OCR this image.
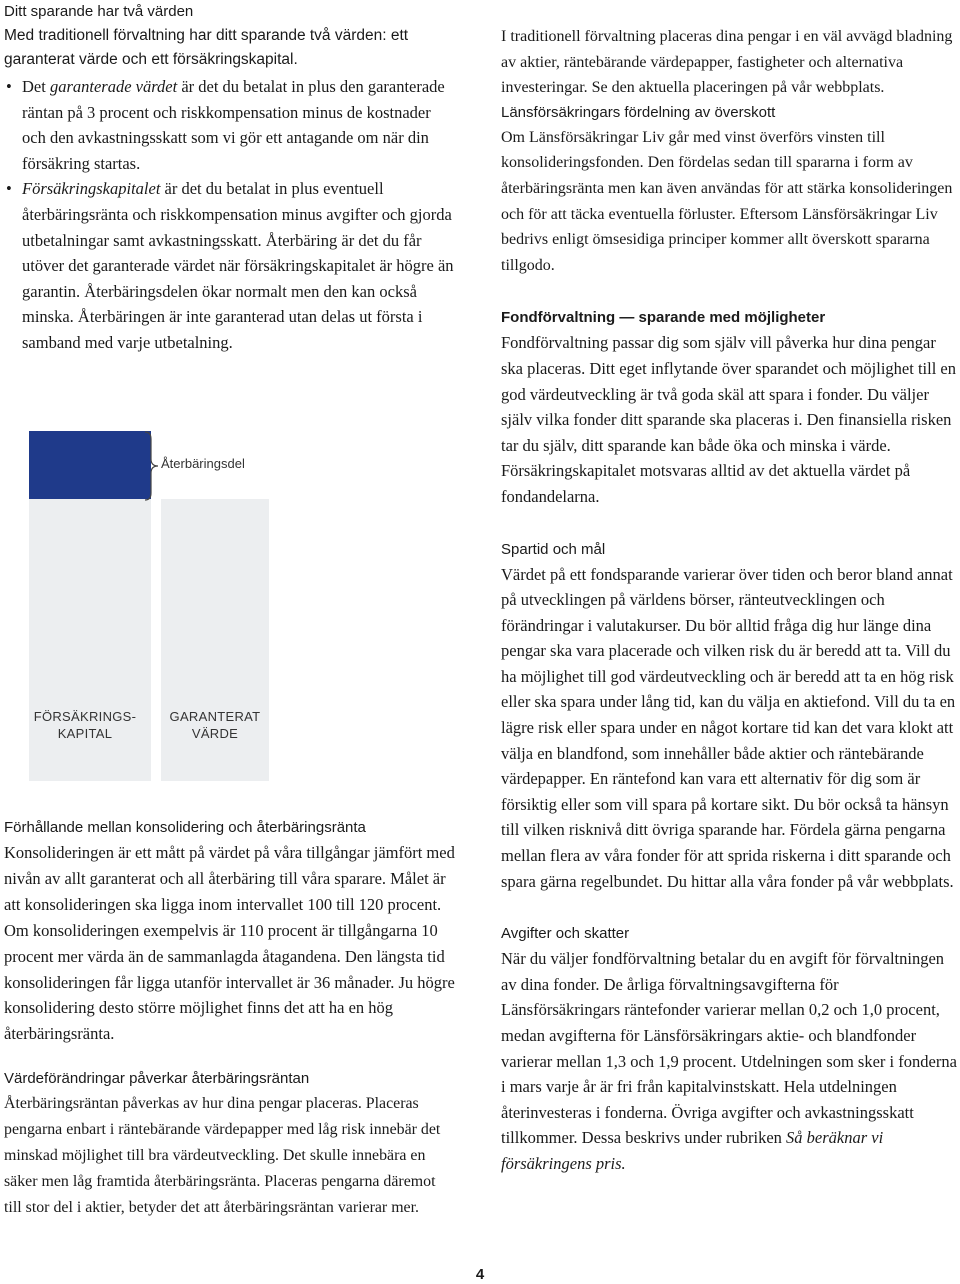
Ditt sparande har två värden

Med traditionell förvaltning har ditt sparande två värden: ett garanterat värde och ett försäkringskapital.

• Det garanterade värdet är det du betalat in plus den garanterade räntan på 3 procent och riskkompensation minus de kostnader och den avkastningsskatt som vi gör ett antagande om när din försäkring startas.
• Försäkringskapitalet är det du betalat in plus eventuell återbäringsränta och riskkompensation minus avgifter och gjorda utbetalningar samt avkastningsskatt. Återbäring är det du får utöver det garanterade värdet när försäkringskapitalet är högre än garantin. Återbäringsdelen ökar normalt men den kan också minska. Återbäringen är inte garanterad utan delas ut första i samband med varje utbetalning.
Återbäringsdel
FÖRSÄKRINGS-KAPITAL
GARANTERAT VÄRDE

Förhållande mellan konsolidering och återbäringsränta

Konsolideringen är ett mått på värdet på våra tillgångar jämfört med nivån av allt garanterat och all återbäring till våra sparare. Målet är att konsolideringen ska ligga inom intervallet 100 till 120 procent. Om konsolideringen exempelvis är 110 procent är tillgångarna 10 procent mer värda än de sammanlagda åtagandena. Den längsta tid konsolideringen får ligga utanför intervallet är 36 månader. Ju högre konsolidering desto större möjlighet finns det att ha en hög återbäringsränta.

Värdeförändringar påverkar återbäringsräntan

Återbäringsräntan påverkas av hur dina pengar placeras. Placeras pengarna enbart i räntebärande värdepapper med låg risk innebär det minskad möjlighet till bra värdeutveckling. Det skulle innebära en säker men låg framtida återbäringsränta. Placeras pengarna däremot till stor del i aktier, betyder det att återbäringsräntan varierar mer.

I traditionell förvaltning placeras dina pengar i en väl avvägd bladning av aktier, räntebärande värdepapper, fastigheter och alternativa investeringar. Se den aktuella placeringen på vår webbplats.

Länsförsäkringars fördelning av överskott

Om Länsförsäkringar Liv går med vinst överförs vinsten till konsolideringsfonden. Den fördelas sedan till spararna i form av återbäringsränta men kan även användas för att stärka konsolideringen och för att täcka eventuella förluster. Eftersom Länsförsäkringar Liv bedrivs enligt ömsesidiga principer kommer allt överskott spararna tillgodo.

Fondförvaltning — sparande med möjligheter

Fondförvaltning passar dig som själv vill påverka hur dina pengar ska placeras. Ditt eget inflytande över sparandet och möjlighet till en god värdeutveckling är två goda skäl att spara i fonder. Du väljer själv vilka fonder ditt sparande ska placeras i. Den finansiella risken tar du själv, ditt sparande kan både öka och minska i värde. Försäkringskapitalet motsvaras alltid av det aktuella värdet på fondandelarna.

Spartid och mål

Värdet på ett fondsparande varierar över tiden och beror bland annat på utvecklingen på världens börser, ränteutvecklingen och förändringar i valutakurser. Du bör alltid fråga dig hur länge dina pengar ska vara placerade och vilken risk du är beredd att ta. Vill du ha möjlighet till god värdeutveckling och är beredd att ta en hög risk eller ska spara under lång tid, kan du välja en aktiefond. Vill du ta en lägre risk eller spara under en något kortare tid kan det vara klokt att välja en blandfond, som innehåller både aktier och räntebärande värdepapper. En räntefond kan vara ett alternativ för dig som är försiktig eller som vill spara på kortare sikt. Du bör också ta hänsyn till vilken risknivå ditt övriga sparande har. Fördela gärna pengarna mellan flera av våra fonder för att sprida riskerna i ditt sparande och spara gärna regelbundet. Du hittar alla våra fonder på vår webbplats.

Avgifter och skatter

När du väljer fondförvaltning betalar du en avgift för förvaltningen av dina fonder. De årliga förvaltningsavgifterna för Länsförsäkringars räntefonder varierar mellan 0,2 och 1,0 procent, medan avgifterna för Länsförsäkringars aktie- och blandfonder varierar mellan 1,3 och 1,9 procent. Utdelningen som sker i fonderna i mars varje år är fri från kapitalvinstskatt. Hela utdelningen återinvesteras i fonderna. Övriga avgifter och avkastningsskatt tillkommer. Dessa beskrivs under rubriken Så beräknar vi försäkringens pris.

4
